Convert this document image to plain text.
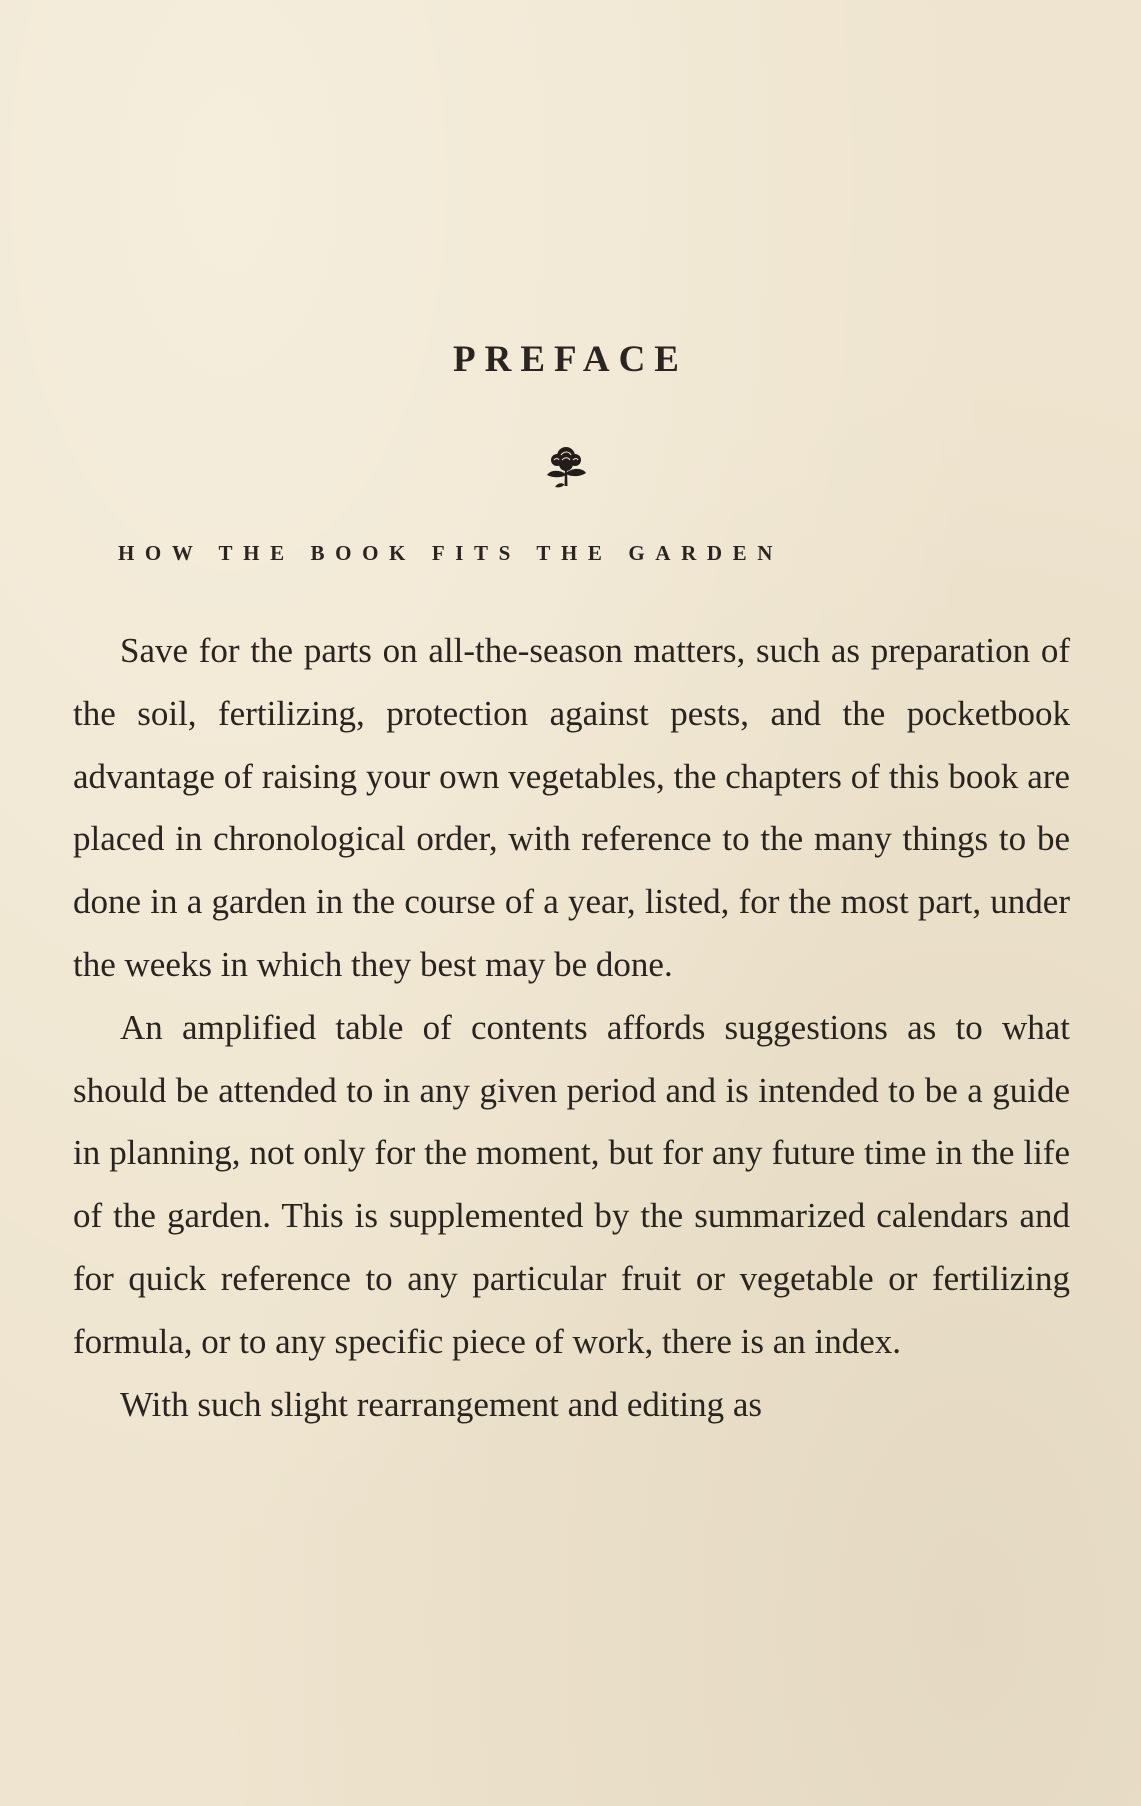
PREFACE
HOW THE BOOK FITS THE GARDEN

Save for the parts on all-the-season matters, such as preparation of the soil, fertilizing, protection against pests, and the pocketbook advantage of raising your own vegetables, the chapters of this book are placed in chronological order, with reference to the many things to be done in a garden in the course of a year, listed, for the most part, under the weeks in which they best may be done.

An amplified table of contents affords suggestions as to what should be attended to in any given period and is intended to be a guide in planning, not only for the moment, but for any future time in the life of the garden. This is supplemented by the summarized calendars and for quick reference to any particular fruit or vegetable or fertilizing formula, or to any specific piece of work, there is an index.

With such slight rearrangement and editing as
